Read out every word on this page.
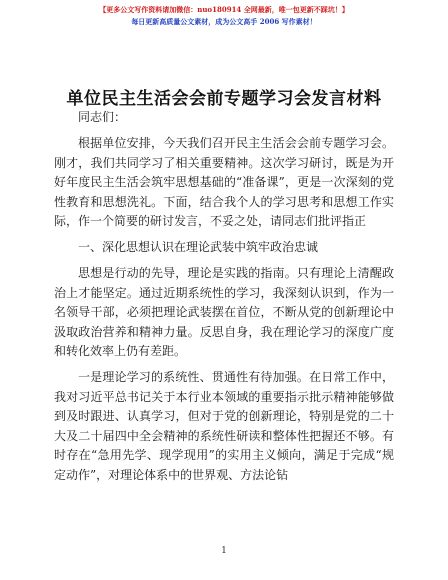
【更多公文写作资料请加微信：nuo180914 全网最新，唯一包更新不踩坑！】
每日更新高质量公文素材，成为公文高手 2006 写作素材！
单位民主生活会会前专题学习会发言材料

同志们：

根据单位安排，今天我们召开民主生活会会前专题学习会。刚才，我们共同学习了相关重要精神。这次学习研讨，既是为开好年度民主生活会筑牢思想基础的“准备课”，更是一次深刻的党性教育和思想洗礼。下面，结合我个人的学习思考和思想工作实际，作一个简要的研讨发言，不妥之处，请同志们批评指正

一、深化思想认识在理论武装中筑牢政治忠诚

思想是行动的先导，理论是实践的指南。只有理论上清醒政治上才能坚定。通过近期系统性的学习，我深刻认识到，作为一名领导干部，必须把理论武装摆在首位，不断从党的创新理论中汲取政治营养和精神力量。反思自身，我在理论学习的深度广度和转化效率上仍有差距。

一是理论学习的系统性、贯通性有待加强。在日常工作中，我对习近平总书记关于本行业本领域的重要指示批示精神能够做到及时跟进、认真学习，但对于党的创新理论，特别是党的二十大及二十届四中全会精神的系统性研读和整体性把握还不够。有时存在“急用先学、现学现用”的实用主义倾向，满足于完成“规定动作”，对理论体系中的世界观、方法论钻

1
